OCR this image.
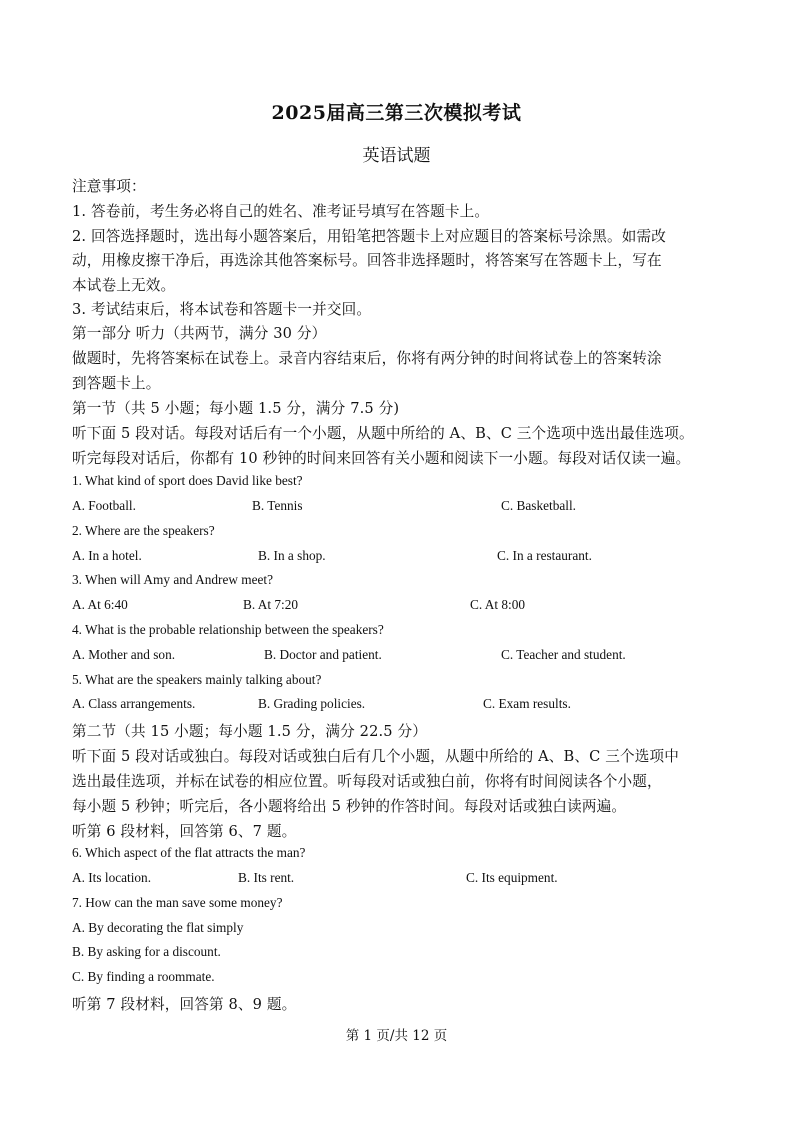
2025届高三第三次模拟考试
英语试题
注意事项：
1. 答卷前，考生务必将自己的姓名、准考证号填写在答题卡上。
2. 回答选择题时，选出每小题答案后，用铅笔把答题卡上对应题目的答案标号涂黑。如需改
动，用橡皮擦干净后，再选涂其他答案标号。回答非选择题时，将答案写在答题卡上，写在
本试卷上无效。
3. 考试结束后，将本试卷和答题卡一并交回。
第一部分 听力（共两节，满分 30 分）
做题时，先将答案标在试卷上。录音内容结束后，你将有两分钟的时间将试卷上的答案转涂
到答题卡上。
第一节（共 5 小题；每小题 1.5 分，满分 7.5 分)
听下面 5 段对话。每段对话后有一个小题，从题中所给的 A、B、C 三个选项中选出最佳选项。
听完每段对话后，你都有 10 秒钟的时间来回答有关小题和阅读下一小题。每段对话仅读一遍。
1. What kind of sport does David like best?
A. Football.	B. Tennis	C. Basketball.
2. Where are the speakers?
A. In a hotel.	B. In a shop.	C. In a restaurant.
3. When will Amy and Andrew meet?
A. At 6:40	B. At 7:20	C. At 8:00
4. What is the probable relationship between the speakers?
A. Mother and son.	B. Doctor and patient.	C. Teacher and student.
5. What are the speakers mainly talking about?
A. Class arrangements.	B. Grading policies.	C. Exam results.
第二节（共 15 小题；每小题 1.5 分，满分 22.5 分）
听下面 5 段对话或独白。每段对话或独白后有几个小题，从题中所给的 A、B、C 三个选项中
选出最佳选项，并标在试卷的相应位置。听每段对话或独白前，你将有时间阅读各个小题，
每小题 5 秒钟；听完后，各小题将给出 5 秒钟的作答时间。每段对话或独白读两遍。
听第 6 段材料，回答第 6、7 题。
6. Which aspect of the flat attracts the man?
A. Its location.	B. Its rent.	C. Its equipment.
7. How can the man save some money?
A. By decorating the flat simply
B. By asking for a discount.
C. By finding a roommate.
听第 7 段材料，回答第 8、9 题。
第 1 页/共 12 页
